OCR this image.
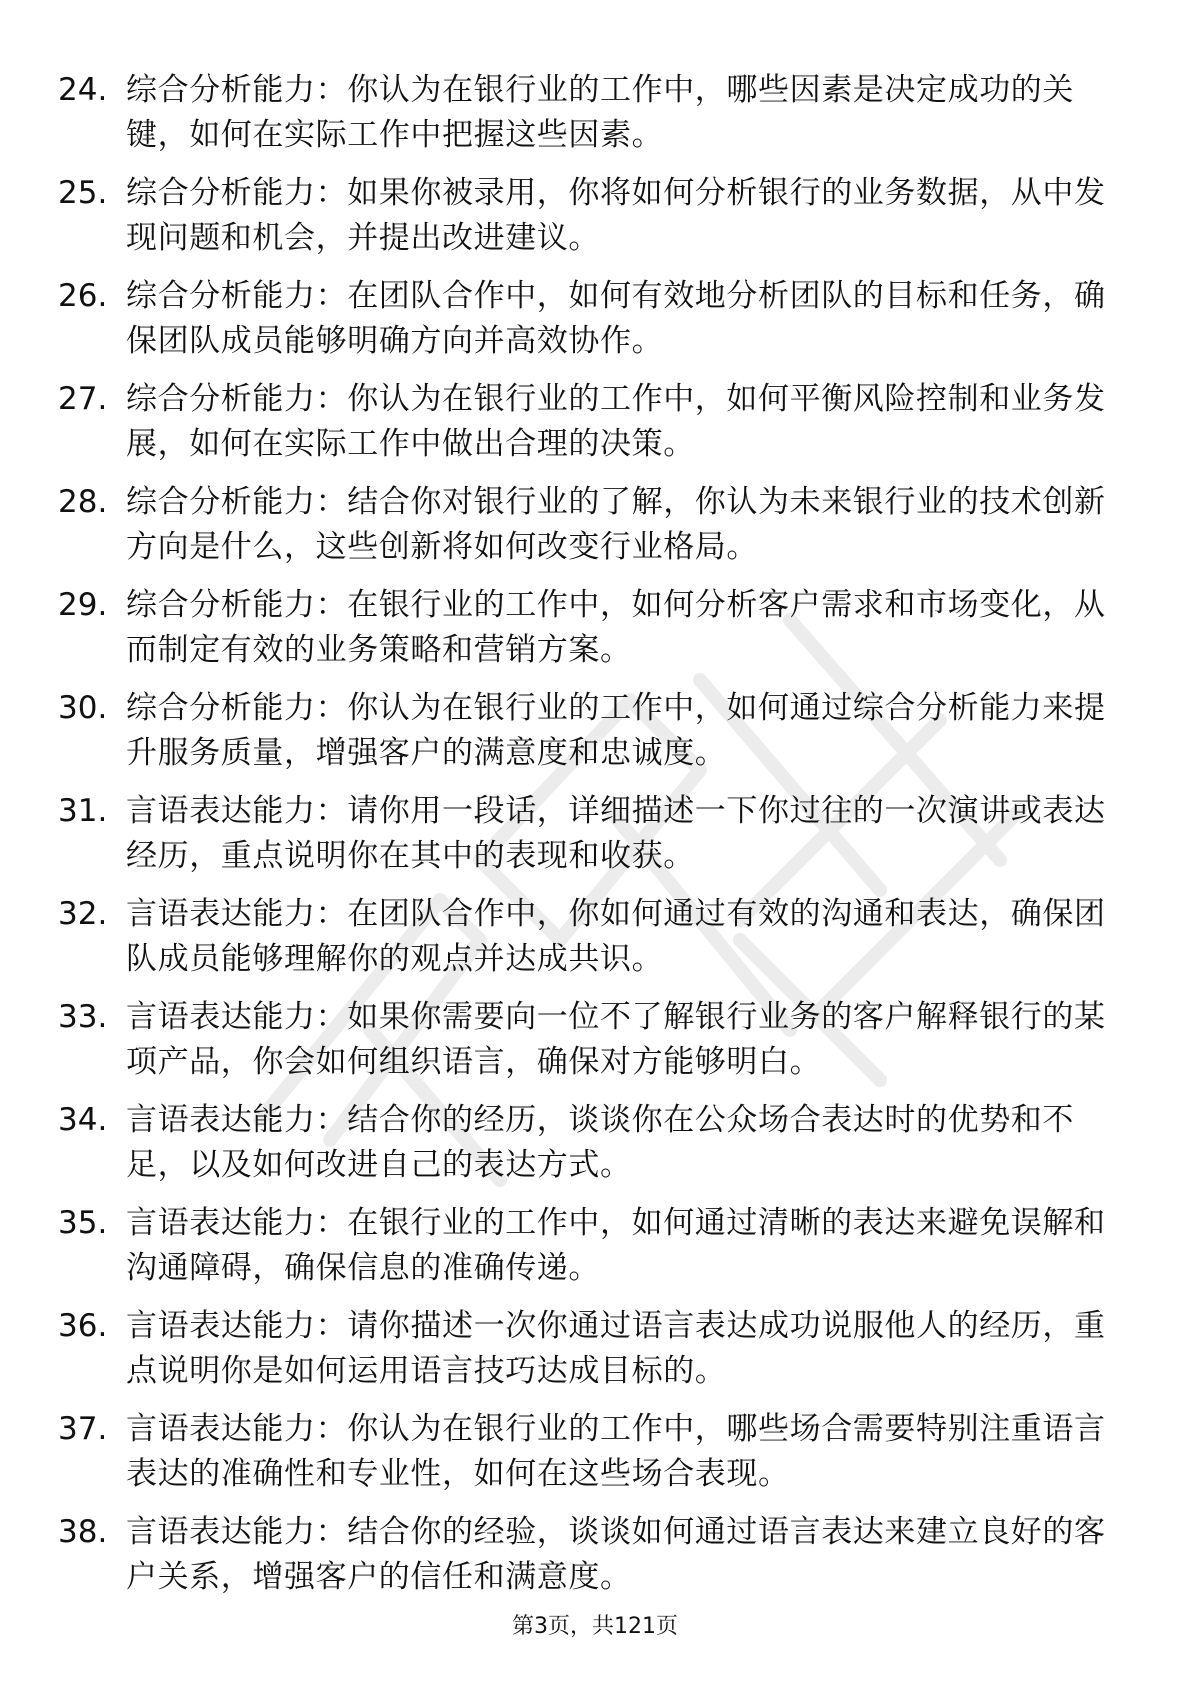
24. 综合分析能力：你认为在银行业的工作中，哪些因素是决定成功的关键，如何在实际工作中把握这些因素。
25. 综合分析能力：如果你被录用，你将如何分析银行的业务数据，从中发现问题和机会，并提出改进建议。
26. 综合分析能力：在团队合作中，如何有效地分析团队的目标和任务，确保团队成员能够明确方向并高效协作。
27. 综合分析能力：你认为在银行业的工作中，如何平衡风险控制和业务发展，如何在实际工作中做出合理的决策。
28. 综合分析能力：结合你对银行业的了解，你认为未来银行业的技术创新方向是什么，这些创新将如何改变行业格局。
29. 综合分析能力：在银行业的工作中，如何分析客户需求和市场变化，从而制定有效的业务策略和营销方案。
30. 综合分析能力：你认为在银行业的工作中，如何通过综合分析能力来提升服务质量，增强客户的满意度和忠诚度。
31. 言语表达能力：请你用一段话，详细描述一下你过往的一次演讲或表达经历，重点说明你在其中的表现和收获。
32. 言语表达能力：在团队合作中，你如何通过有效的沟通和表达，确保团队成员能够理解你的观点并达成共识。
33. 言语表达能力：如果你需要向一位不了解银行业务的客户解释银行的某项产品，你会如何组织语言，确保对方能够明白。
34. 言语表达能力：结合你的经历，谈谈你在公众场合表达时的优势和不足，以及如何改进自己的表达方式。
35. 言语表达能力：在银行业的工作中，如何通过清晰的表达来避免误解和沟通障碍，确保信息的准确传递。
36. 言语表达能力：请你描述一次你通过语言表达成功说服他人的经历，重点说明你是如何运用语言技巧达成目标的。
37. 言语表达能力：你认为在银行业的工作中，哪些场合需要特别注重语言表达的准确性和专业性，如何在这些场合表现。
38. 言语表达能力：结合你的经验，谈谈如何通过语言表达来建立良好的客户关系，增强客户的信任和满意度。
第3页，共121页
